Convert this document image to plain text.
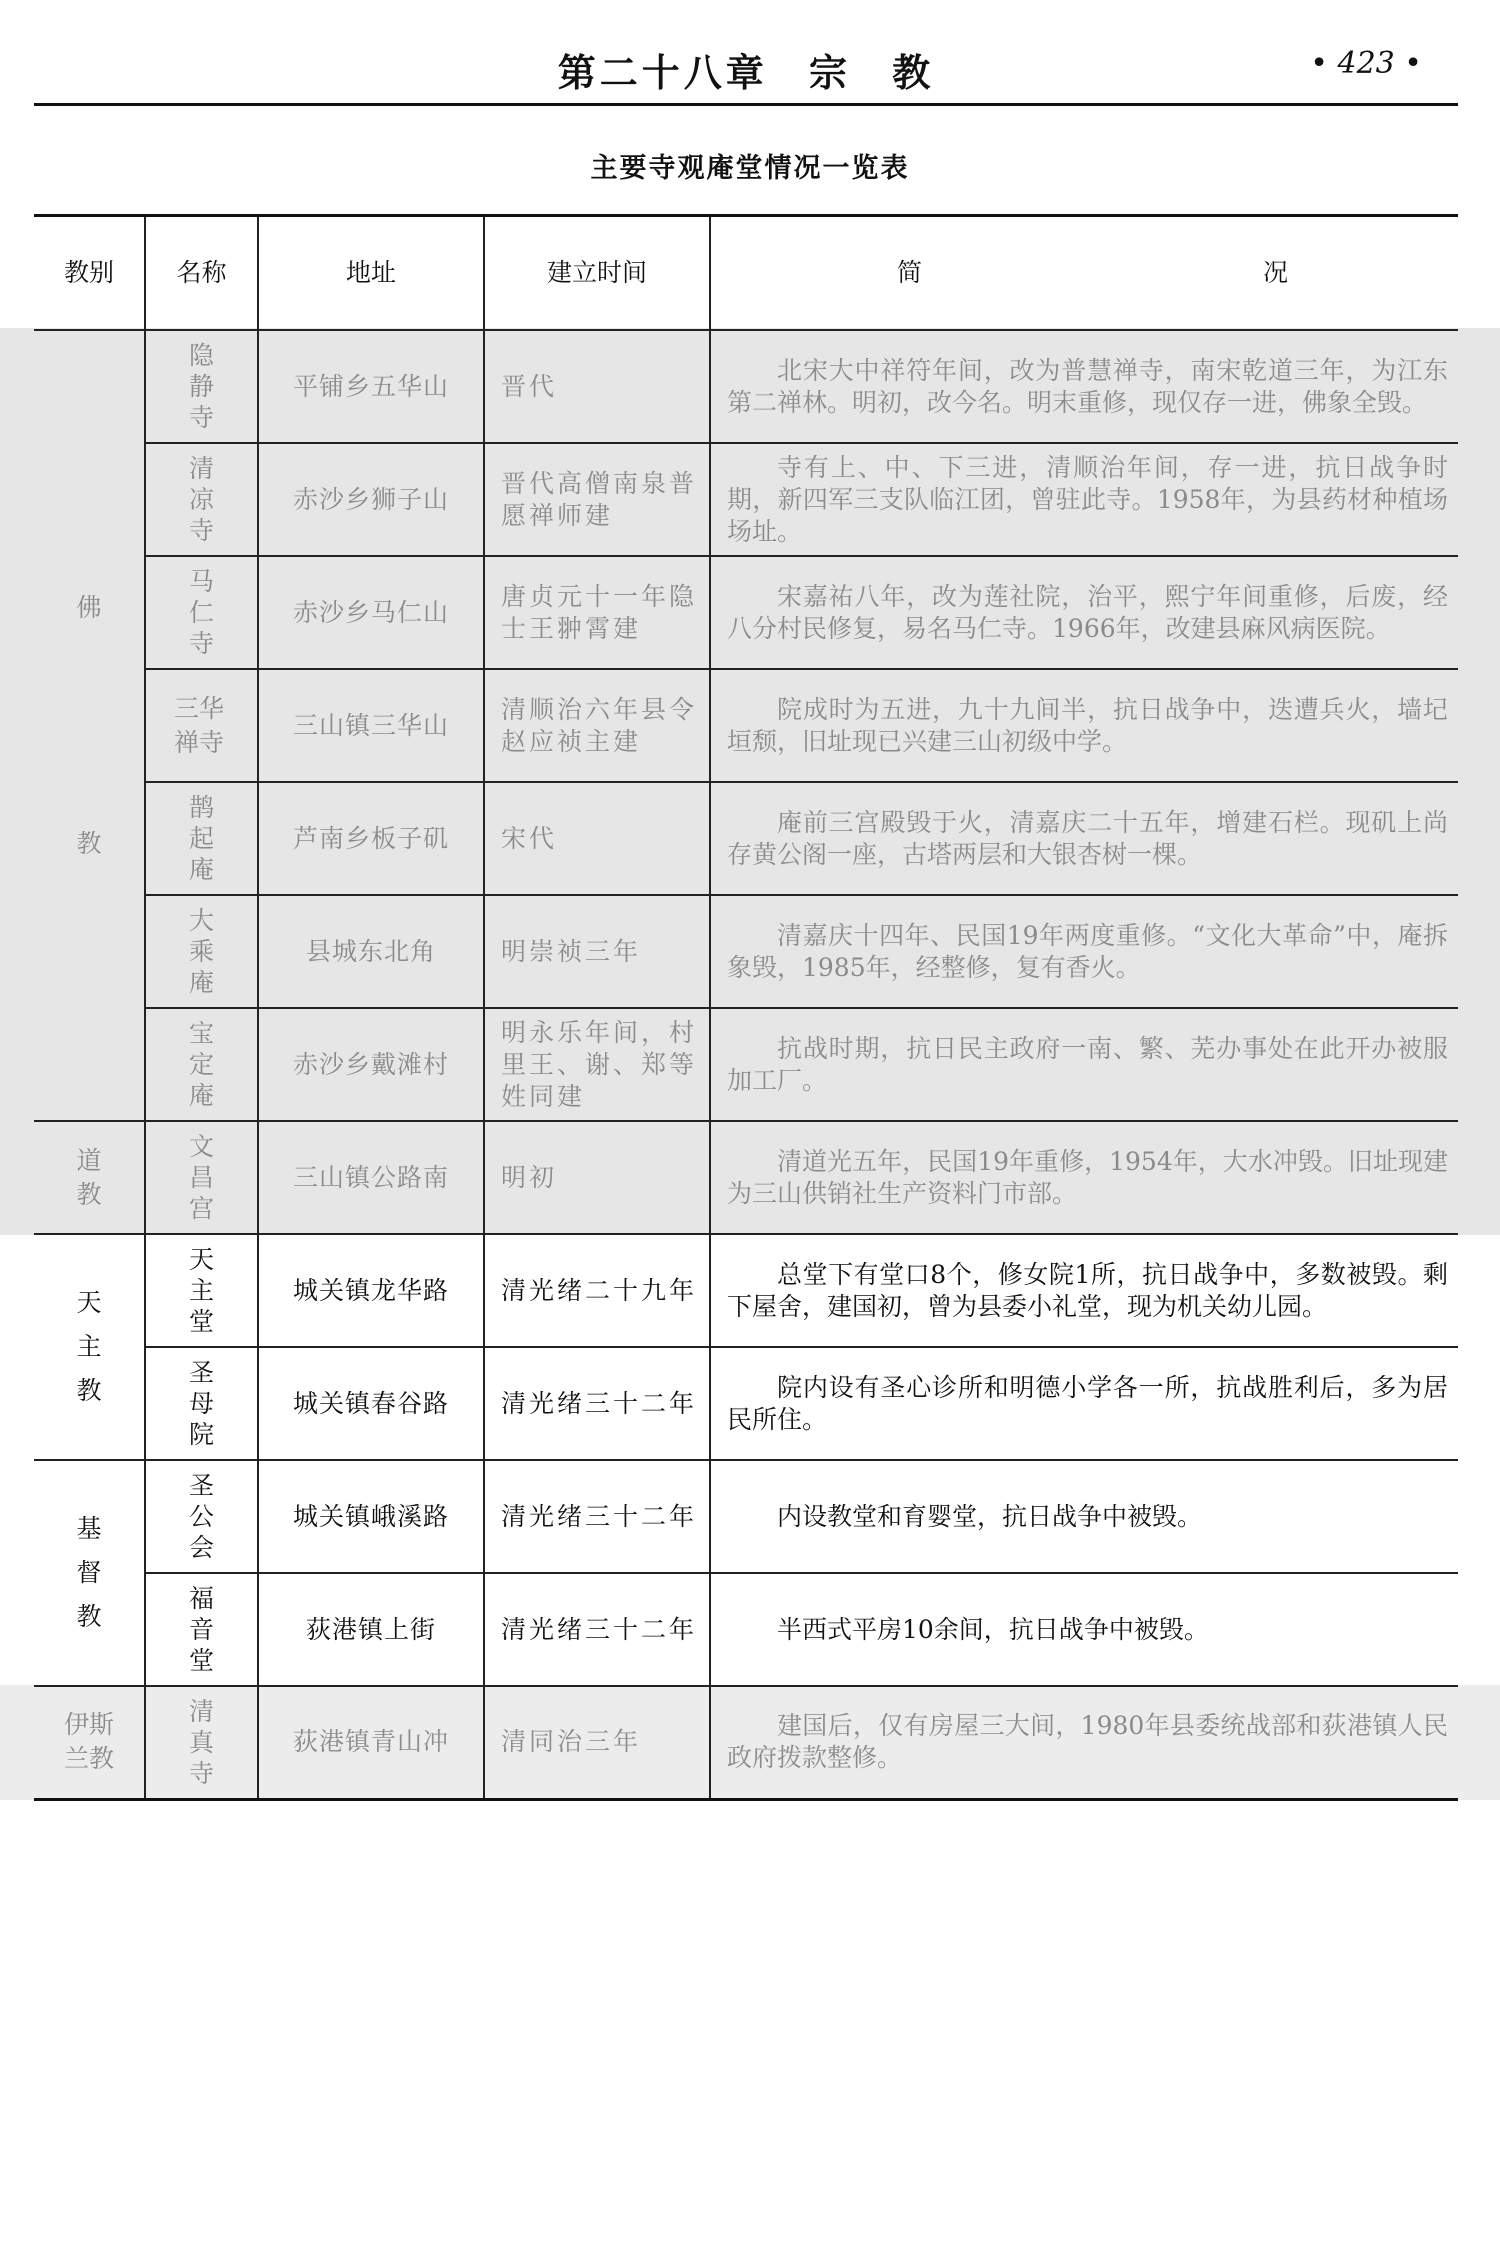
第二十八章 宗 教	• 423 •
主要寺观庵堂情况一览表
教别	名称	地址	建立时间	简 况

佛教	隐静寺	平铺乡五华山	晋代	北宋大中祥符年间，改为普慧禅寺，南宋乾道三年，为江东第二禅林。明初，改今名。明末重修，现仅存一进，佛象全毁。

	清凉寺	赤沙乡狮子山	晋代高僧南泉普愿禅师建	寺有上、中、下三进，清顺治年间，存一进，抗日战争时期，新四军三支队临江团，曾驻此寺。1958年，为县药材种植场场址。

	马仁寺	赤沙乡马仁山	唐贞元十一年隐士王翀霄建	宋嘉祐八年，改为莲社院，治平，熙宁年间重修，后废，经八分村民修复，易名马仁寺。1966年，改建县麻风病医院。

	三华禅寺	三山镇三华山	清顺治六年县令赵应祯主建	院成时为五进，九十九间半，抗日战争中，迭遭兵火，墙圮垣颓，旧址现已兴建三山初级中学。

	鹊起庵	芦南乡板子矶	宋代	庵前三宫殿毁于火，清嘉庆二十五年，增建石栏。现矶上尚存黄公阁一座，古塔两层和大银杏树一棵。

	大乘庵	县城东北角	明崇祯三年	清嘉庆十四年、民国19年两度重修。“文化大革命”中，庵拆象毁，1985年，经整修，复有香火。

	宝定庵	赤沙乡戴滩村	明永乐年间，村里王、谢、郑等姓同建	抗战时期，抗日民主政府一南、繁、芜办事处在此开办被服加工厂。

道教	文昌宫	三山镇公路南	明初	清道光五年，民国19年重修，1954年，大水冲毁。旧址现建为三山供销社生产资料门市部。

天主教	天主堂	城关镇龙华路	清光绪二十九年	总堂下有堂口8个，修女院1所，抗日战争中，多数被毁。剩下屋舍，建国初，曾为县委小礼堂，现为机关幼儿园。

	圣母院	城关镇春谷路	清光绪三十二年	院内设有圣心诊所和明德小学各一所，抗战胜利后，多为居民所住。

基督教	圣公会	城关镇峨溪路	清光绪三十二年	内设教堂和育婴堂，抗日战争中被毁。

	福音堂	荻港镇上街	清光绪三十二年	半西式平房10余间，抗日战争中被毁。

伊斯兰教	清真寺	荻港镇青山冲	清同治三年	建国后，仅有房屋三大间，1980年县委统战部和荻港镇人民政府拨款整修。
